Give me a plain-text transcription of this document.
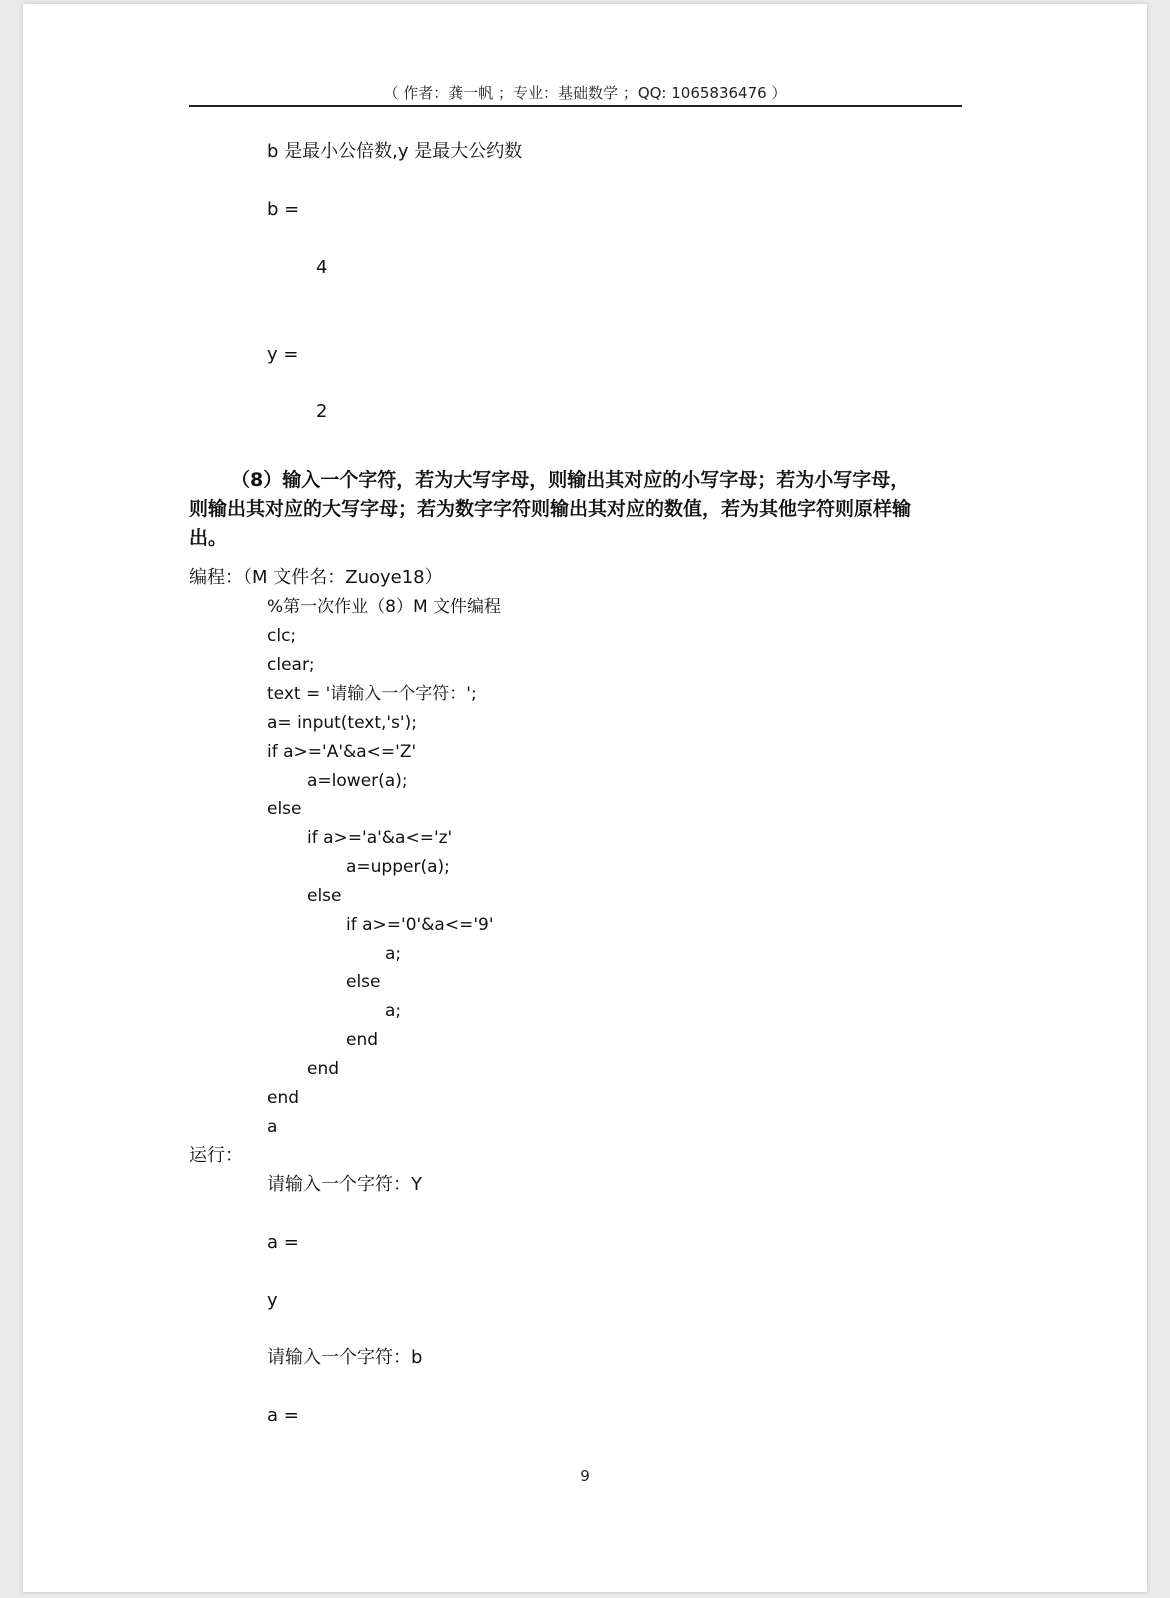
（ 作者：龚一帆 ；专业：基础数学 ；QQ: 1065836476 ）
b 是最小公倍数,y 是最大公约数
b =
4
y =
2
（8）输入一个字符，若为大写字母，则输出其对应的小写字母；若为小写字母，
则输出其对应的大写字母；若为数字字符则输出其对应的数值，若为其他字符则原样输
出。
编程：（M 文件名：Zuoye18）
%第一次作业（8）M 文件编程
clc;
clear;
text = '请输入一个字符：';
a= input(text,'s');
if a>='A'&a<='Z'
a=lower(a);
else
if a>='a'&a<='z'
a=upper(a);
else
if a>='0'&a<='9'
a;
else
a;
end
end
end
a
运行：
请输入一个字符：Y
a =
y
请输入一个字符：b
a =
9
